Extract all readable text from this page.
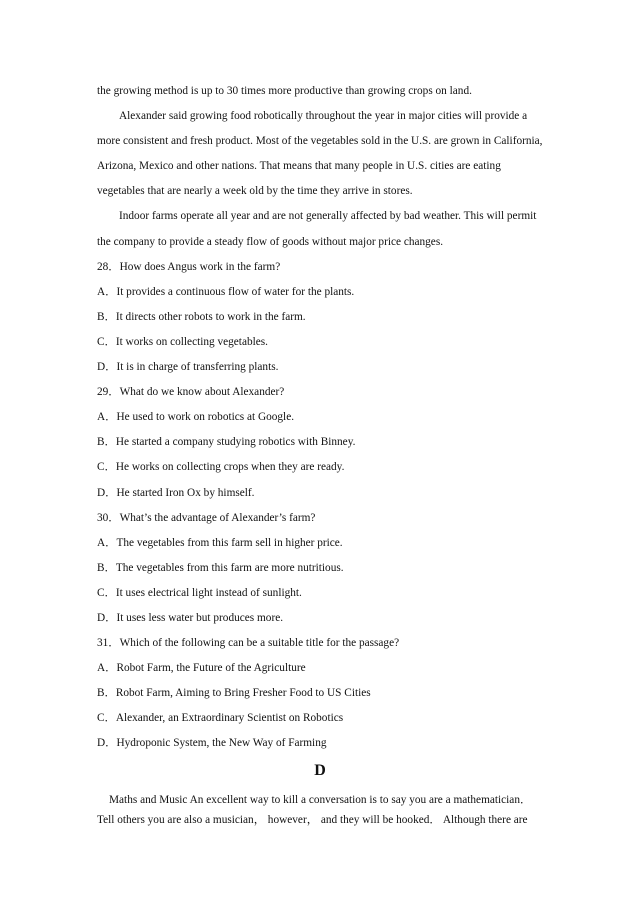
the growing method is up to 30 times more productive than growing crops on land.
Alexander said growing food robotically throughout the year in major cities will provide a
more consistent and fresh product. Most of the vegetables sold in the U.S. are grown in California,
Arizona, Mexico and other nations. That means that many people in U.S. cities are eating
vegetables that are nearly a week old by the time they arrive in stores.
Indoor farms operate all year and are not generally affected by bad weather. This will permit
the company to provide a steady flow of goods without major price changes.
28．How does Angus work in the farm?
A．It provides a continuous flow of water for the plants.
B．It directs other robots to work in the farm.
C．It works on collecting vegetables.
D．It is in charge of transferring plants.
29．What do we know about Alexander?
A．He used to work on robotics at Google.
B．He started a company studying robotics with Binney.
C．He works on collecting crops when they are ready.
D．He started Iron Ox by himself.
30．What’s the advantage of Alexander’s farm?
A．The vegetables from this farm sell in higher price.
B．The vegetables from this farm are more nutritious.
C．It uses electrical light instead of sunlight.
D．It uses less water but produces more.
31．Which of the following can be a suitable title for the passage?
A．Robot Farm, the Future of the Agriculture
B．Robot Farm, Aiming to Bring Fresher Food to US Cities
C．Alexander, an Extraordinary Scientist on Robotics
D．Hydroponic System, the New Way of Farming
D
Maths and Music An excellent way to kill a conversation is to say you are a mathematician．
Tell others you are also a musician， however， and they will be hooked． Although there are
